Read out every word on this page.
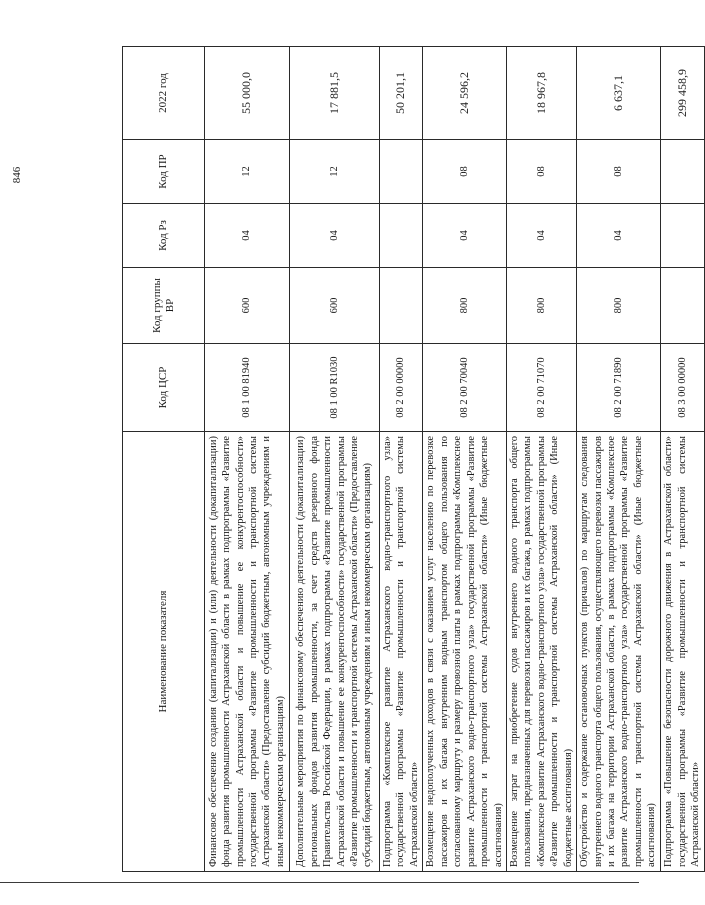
846
Наименование показателя	Код ЦСР	Код группы ВР	Код Рз	Код ПР	2022 год
Финансовое обеспечение создания (капитализации) и (или) деятельности (докапитализации) фонда развития промышленности Астраханской области в рамках подпрограммы «Развитие промышленности Астраханской области и повышение ее конкурентоспособности» государственной программы «Развитие промышленности и транспортной системы Астраханской области» (Предоставление субсидий бюджетным, автономным учреждениям и иным некоммерческим организациям)	08 1 00 81940	600	04	12	55 000,0
Дополнительные мероприятия по финансовому обеспечению деятельности (докапитализации) региональных фондов развития промышленности, за счет средств резервного фонда Правительства Российской Федерации, в рамках подпрограммы «Развитие промышленности Астраханской области и повышение ее конкурентоспособности» государственной программы «Развитие промышленности и транспортной системы Астраханской области» (Предоставление субсидий бюджетным, автономным учреждениям и иным некоммерческим организациям)	08 1 00 R1030	600	04	12	17 881,5
Подпрограмма «Комплексное развитие Астраханского водно-транспортного узла» государственной программы «Развитие промышленности и транспортной системы Астраханской области»	08 2 00 00000				50 201,1
Возмещение недополученных доходов в связи с оказанием услуг населению по перевозке пассажиров и их багажа внутренним водным транспортом общего пользования по согласованному маршруту и размеру провозной платы в рамках подпрограммы «Комплексное развитие Астраханского водно-транспортного узла» государственной программы «Развитие промышленности и транспортной системы Астраханской области» (Иные бюджетные ассигнования)	08 2 00 70040	800	04	08	24 596,2
Возмещение затрат на приобретение судов внутреннего водного транспорта общего пользования, предназначенных для перевозки пассажиров и их багажа, в рамках подпрограммы «Комплексное развитие Астраханского водно-транспортного узла» государственной программы «Развитие промышленности и транспортной системы Астраханской области» (Иные бюджетные ассигнования)	08 2 00 71070	800	04	08	18 967,8
Обустройство и содержание остановочных пунктов (причалов) по маршрутам следования внутреннего водного транспорта общего пользования, осуществляющего перевозки пассажиров и их багажа на территории Астраханской области, в рамках подпрограммы «Комплексное развитие Астраханского водно-транспортного узла» государственной программы «Развитие промышленности и транспортной системы Астраханской области» (Иные бюджетные ассигнования)	08 2 00 71890	800	04	08	6 637,1
Подпрограмма «Повышение безопасности дорожного движения в Астраханской области» государственной программы «Развитие промышленности и транспортной системы Астраханской области»	08 3 00 00000				299 458,9
